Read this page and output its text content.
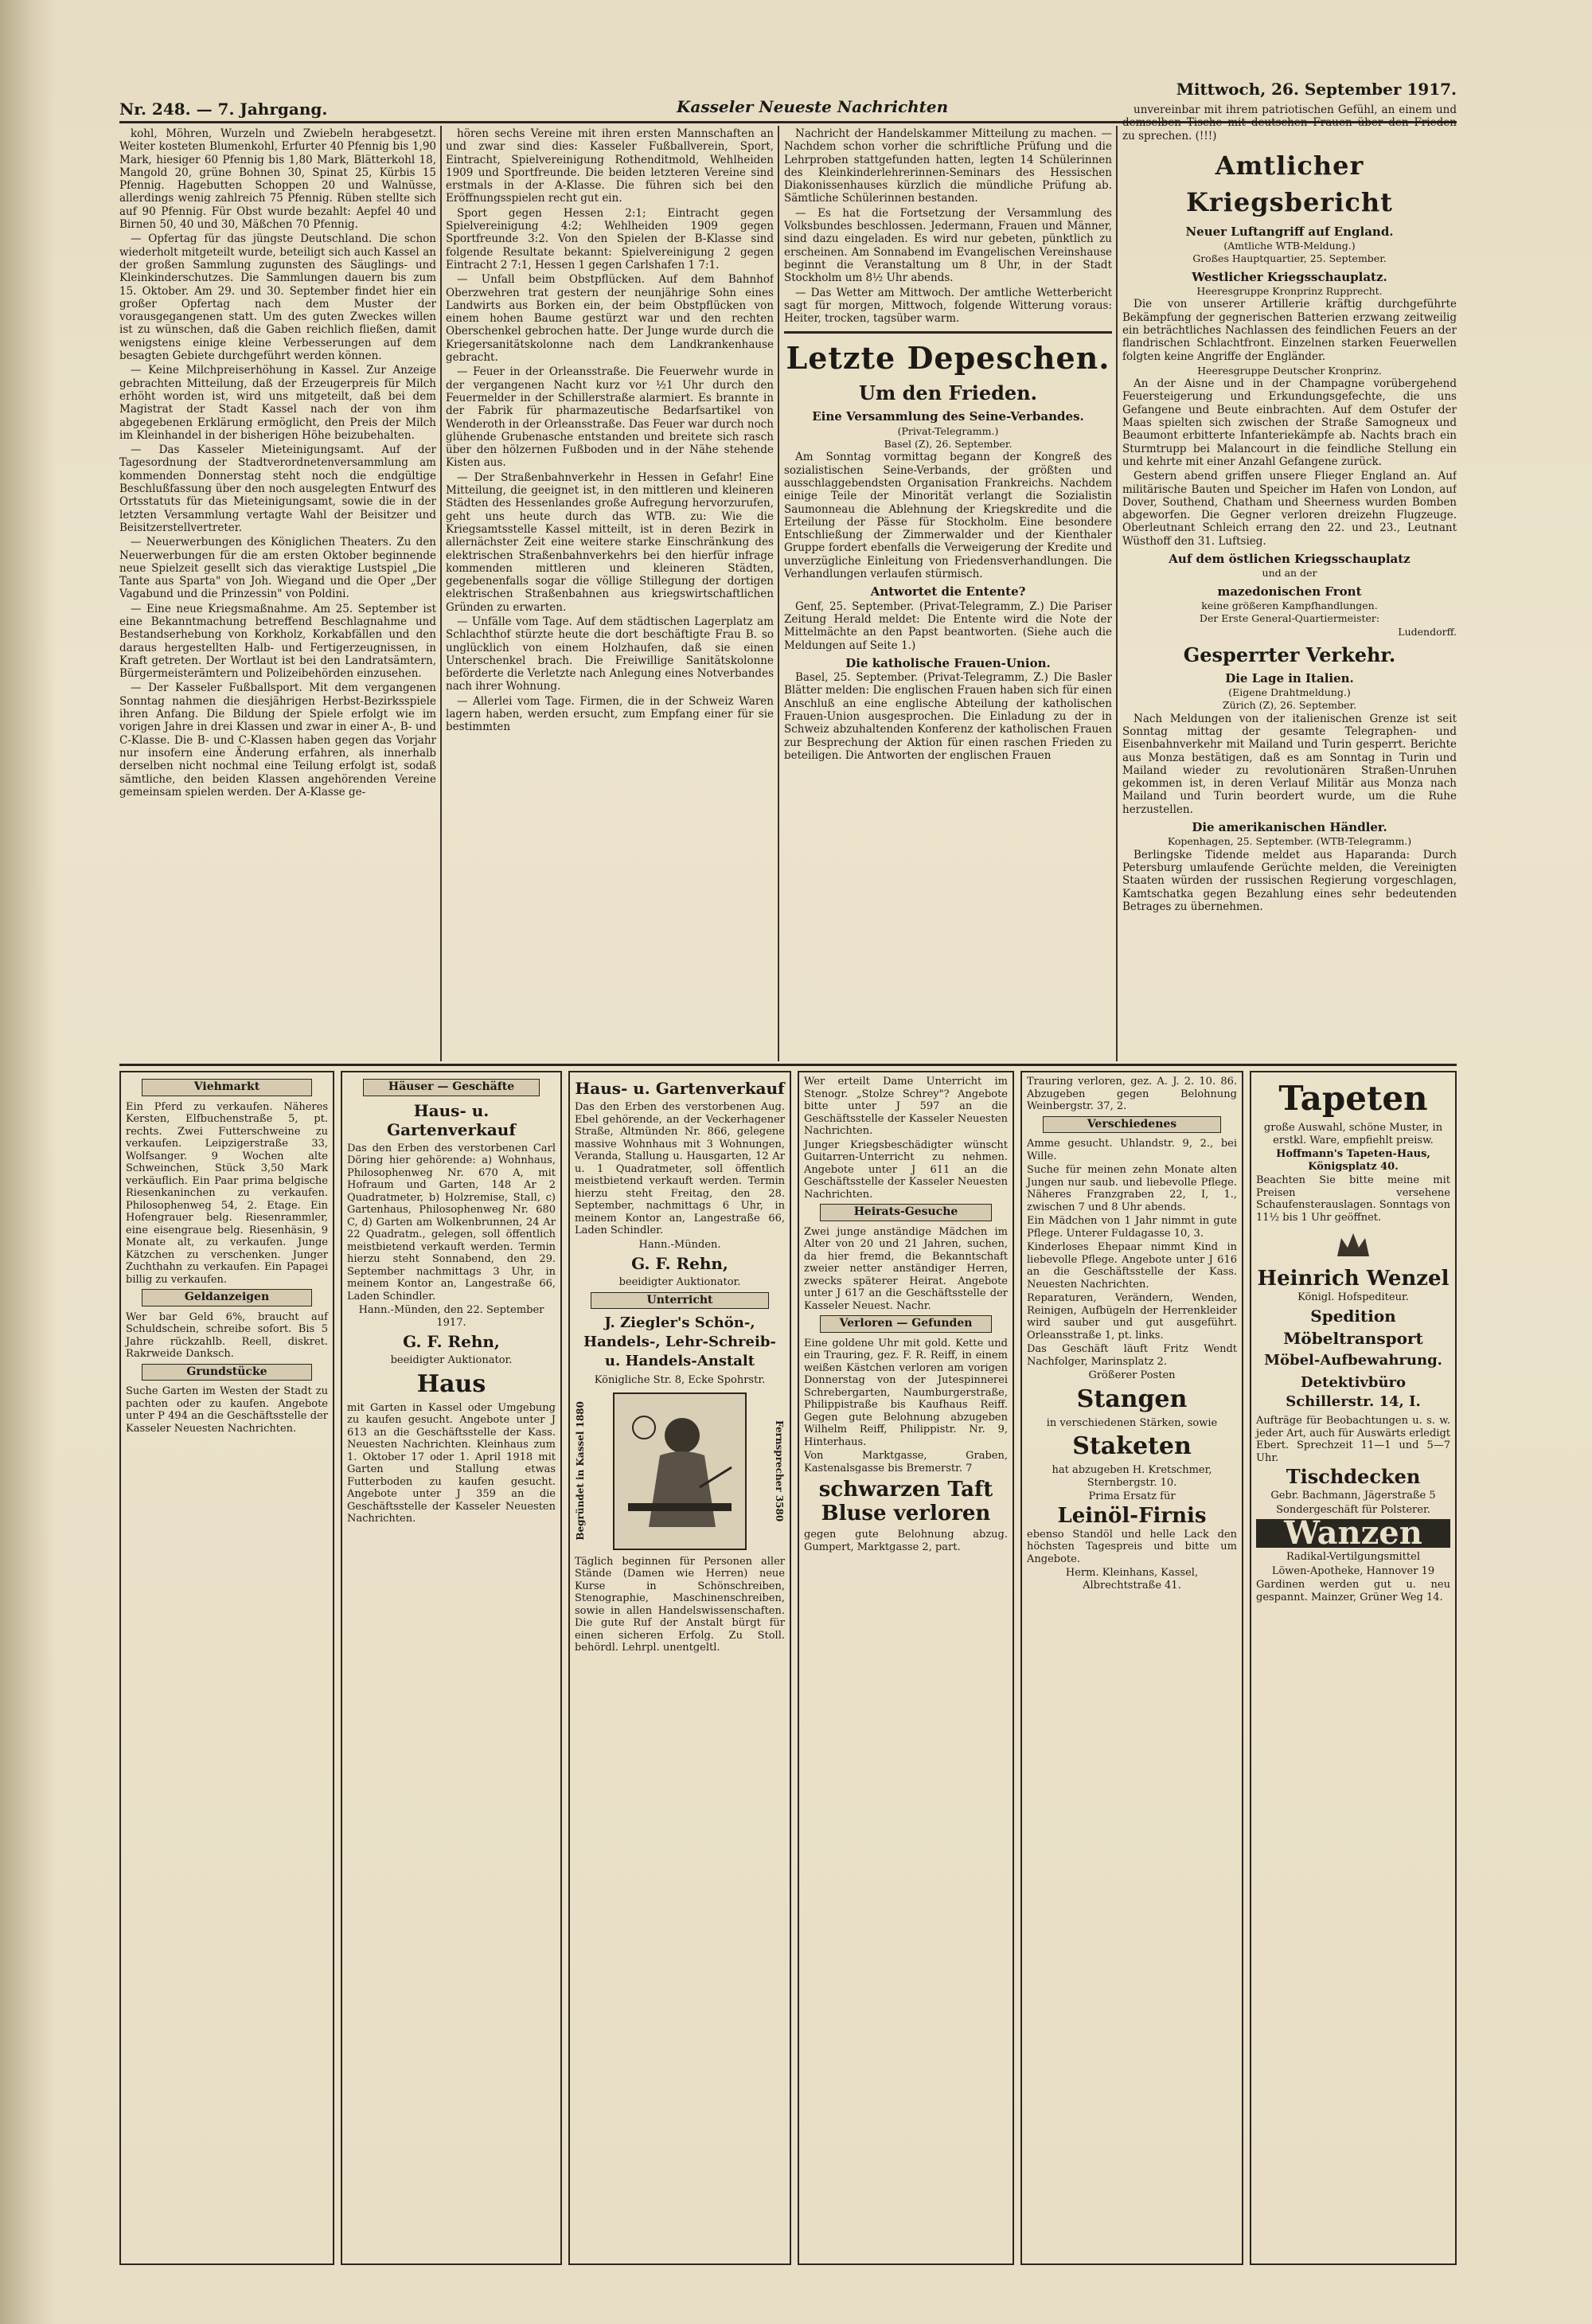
Nr. 248. — 7. Jahrgang.	Kasseler Neueste Nachrichten
Mittwoch, 26. September 1917.

kohl, Möhren, Wurzeln und Zwiebeln herabgesetzt. Weiter kosteten Blumenkohl, Erfurter 40 Pfennig bis 1,90 Mark, hiesiger 60 Pfennig bis 1,80 Mark, Blätterkohl 18, Mangold 20, grüne Bohnen 30, Spinat 25, Kürbis 15 Pfennig. Hagebutten Schoppen 20 und Walnüsse, allerdings wenig zahlreich 75 Pfennig. Rüben stellte sich auf 90 Pfennig. Für Obst wurde bezahlt: Aepfel 40 und Birnen 50, 40 und 30, Mäßchen 70 Pfennig.

— Opfertag für das jüngste Deutschland. Die schon wiederholt mitgeteilt wurde, beteiligt sich auch Kassel an der großen Sammlung zugunsten des Säuglings- und Kleinkinderschutzes. Die Sammlungen dauern bis zum 15. Oktober. Am 29. und 30. September findet hier ein großer Opfertag nach dem Muster der vorausgegangenen statt. Um des guten Zweckes willen ist zu wünschen, daß die Gaben reichlich fließen, damit wenigstens einige kleine Verbesserungen auf dem besagten Gebiete durchgeführt werden können.

— Keine Milchpreiserhöhung in Kassel. Zur Anzeige gebrachten Mitteilung, daß der Erzeugerpreis für Milch erhöht worden ist, wird uns mitgeteilt, daß bei dem Magistrat der Stadt Kassel nach der von ihm abgegebenen Erklärung ermöglicht, den Preis der Milch im Kleinhandel in der bisherigen Höhe beizubehalten.

— Das Kasseler Mieteinigungsamt. Auf der Tagesordnung der Stadtverordnetenversammlung am kommenden Donnerstag steht noch die endgültige Beschlußfassung über den noch ausgelegten Entwurf des Ortsstatuts für das Mieteinigungsamt, sowie die in der letzten Versammlung vertagte Wahl der Beisitzer und Beisitzerstellvertreter.

— Neuerwerbungen des Königlichen Theaters. Zu den Neuerwerbungen für die am ersten Oktober beginnende neue Spielzeit gesellt sich das vieraktige Lustspiel „Die Tante aus Sparta" von Joh. Wiegand und die Oper „Der Vagabund und die Prinzessin" von Poldini.

— Eine neue Kriegsmaßnahme. Am 25. September ist eine Bekanntmachung betreffend Beschlagnahme und Bestandserhebung von Korkholz, Korkabfällen und den daraus hergestellten Halb- und Fertigerzeugnissen, in Kraft getreten. Der Wortlaut ist bei den Landratsämtern, Bürgermeisterämtern und Polizeibehörden einzusehen.

— Der Kasseler Fußballsport. Mit dem vergangenen Sonntag nahmen die diesjährigen Herbst-Bezirksspiele ihren Anfang. Die Bildung der Spiele erfolgt wie im vorigen Jahre in drei Klassen und zwar in einer A-, B- und C-Klasse. Die B- und C-Klassen haben gegen das Vorjahr nur insofern eine Änderung erfahren, als innerhalb derselben nicht nochmal eine Teilung erfolgt ist, sodaß sämtliche, den beiden Klassen angehörenden Vereine gemeinsam spielen werden. Der A-Klasse ge-

hören sechs Vereine mit ihren ersten Mannschaften an und zwar sind dies: Kasseler Fußballverein, Sport, Eintracht, Spielvereinigung Rothenditmold, Wehlheiden 1909 und Sportfreunde. Die beiden letzteren Vereine sind erstmals in der A-Klasse. Die führen sich bei den Eröffnungsspielen recht gut ein.

Sport gegen Hessen 2:1; Eintracht gegen Spielvereinigung 4:2; Wehlheiden 1909 gegen Sportfreunde 3:2. Von den Spielen der B-Klasse sind folgende Resultate bekannt: Spielvereinigung 2 gegen Eintracht 2 7:1, Hessen 1 gegen Carlshafen 1 7:1.

— Unfall beim Obstpflücken. Auf dem Bahnhof Oberzwehren trat gestern der neunjährige Sohn eines Landwirts aus Borken ein, der beim Obstpflücken von einem hohen Baume gestürzt war und den rechten Oberschenkel gebrochen hatte. Der Junge wurde durch die Kriegersanitätskolonne nach dem Landkrankenhause gebracht.

— Feuer in der Orleansstraße. Die Feuerwehr wurde in der vergangenen Nacht kurz vor ½1 Uhr durch den Feuermelder in der Schillerstraße alarmiert. Es brannte in der Fabrik für pharmazeutische Bedarfsartikel von Wenderoth in der Orleansstraße. Das Feuer war durch noch glühende Grubenasche entstanden und breitete sich rasch über den hölzernen Fußboden und in der Nähe stehende Kisten aus.

— Der Straßenbahnverkehr in Hessen in Gefahr! Eine Mitteilung, die geeignet ist, in den mittleren und kleineren Städten des Hessenlandes große Aufregung hervorzurufen, geht uns heute durch das WTB. zu: Wie die Kriegsamtsstelle Kassel mitteilt, ist in deren Bezirk in allernächster Zeit eine weitere starke Einschränkung des elektrischen Straßenbahnverkehrs bei den hierfür infrage kommenden mittleren und kleineren Städten, gegebenenfalls sogar die völlige Stillegung der dortigen elektrischen Straßenbahnen aus kriegswirtschaftlichen Gründen zu erwarten.

— Unfälle vom Tage. Auf dem städtischen Lagerplatz am Schlachthof stürzte heute die dort beschäftigte Frau B. so unglücklich von einem Holzhaufen, daß sie einen Unterschenkel brach. Die Freiwillige Sanitätskolonne beförderte die Verletzte nach Anlegung eines Notverbandes nach ihrer Wohnung.

— Allerlei vom Tage. Firmen, die in der Schweiz Waren lagern haben, werden ersucht, zum Empfang einer für sie bestimmten

Nachricht der Handelskammer Mitteilung zu machen. — Nachdem schon vorher die schriftliche Prüfung und die Lehrproben stattgefunden hatten, legten 14 Schülerinnen des Kleinkinderlehrerinnen-Seminars des Hessischen Diakonissenhauses kürzlich die mündliche Prüfung ab. Sämtliche Schülerinnen bestanden.

— Es hat die Fortsetzung der Versammlung des Volksbundes beschlossen. Jedermann, Frauen und Männer, sind dazu eingeladen. Es wird nur gebeten, pünktlich zu erscheinen. Am Sonnabend im Evangelischen Vereinshause beginnt die Veranstaltung um 8 Uhr, in der Stadt Stockholm um 8½ Uhr abends.

— Das Wetter am Mittwoch. Der amtliche Wetterbericht sagt für morgen, Mittwoch, folgende Witterung voraus: Heiter, trocken, tagsüber warm.

Letzte Depeschen.
Um den Frieden.
Eine Versammlung des Seine-Verbandes.
(Privat-Telegramm.)
Basel (Z), 26. September.

Am Sonntag vormittag begann der Kongreß des sozialistischen Seine-Verbands, der größten und ausschlaggebendsten Organisation Frankreichs. Nachdem einige Teile der Minorität verlangt die Sozialistin Saumonneau die Ablehnung der Kriegskredite und die Erteilung der Pässe für Stockholm. Eine besondere Entschließung der Zimmerwalder und der Kienthaler Gruppe fordert ebenfalls die Verweigerung der Kredite und unverzügliche Einleitung von Friedensverhandlungen. Die Verhandlungen verlaufen stürmisch.

Antwortet die Entente?

Genf, 25. September. (Privat-Telegramm, Z.) Die Pariser Zeitung Herald meldet: Die Entente wird die Note der Mittelmächte an den Papst beantworten. (Siehe auch die Meldungen auf Seite 1.)

Die katholische Frauen-Union.

Basel, 25. September. (Privat-Telegramm, Z.) Die Basler Blätter melden: Die englischen Frauen haben sich für einen Anschluß an eine englische Abteilung der katholischen Frauen-Union ausgesprochen. Die Einladung zu der in Schweiz abzuhaltenden Konferenz der katholischen Frauen zur Besprechung der Aktion für einen raschen Frieden zu beteiligen. Die Antworten der englischen Frauen

unvereinbar mit ihrem patriotischen Gefühl, an einem und demselben Tische mit deutschen Frauen über den Frieden zu sprechen. (!!!)

Amtlicher Kriegsbericht
Neuer Luftangriff auf England.
(Amtliche WTB-Meldung.)
Großes Hauptquartier, 25. September.
Westlicher Kriegsschauplatz.
Heeresgruppe Kronprinz Rupprecht.

Die von unserer Artillerie kräftig durchgeführte Bekämpfung der gegnerischen Batterien erzwang zeitweilig ein beträchtliches Nachlassen des feindlichen Feuers an der flandrischen Schlachtfront. Einzelnen starken Feuerwellen folgten keine Angriffe der Engländer.

Heeresgruppe Deutscher Kronprinz.

An der Aisne und in der Champagne vorübergehend Feuersteigerung und Erkundungsgefechte, die uns Gefangene und Beute einbrachten. Auf dem Ostufer der Maas spielten sich zwischen der Straße Samogneux und Beaumont erbitterte Infanteriekämpfe ab. Nachts brach ein Sturmtrupp bei Malancourt in die feindliche Stellung ein und kehrte mit einer Anzahl Gefangene zurück.

Gestern abend griffen unsere Flieger England an. Auf militärische Bauten und Speicher im Hafen von London, auf Dover, Southend, Chatham und Sheerness wurden Bomben abgeworfen. Die Gegner verloren dreizehn Flugzeuge. Oberleutnant Schleich errang den 22. und 23., Leutnant Wüsthoff den 31. Luftsieg.

Auf dem östlichen Kriegsschauplatz
und an der
mazedonischen Front
keine größeren Kampfhandlungen.
Der Erste General-Quartiermeister:
Ludendorff.
Gesperrter Verkehr.
Die Lage in Italien.
(Eigene Drahtmeldung.)
Zürich (Z), 26. September.

Nach Meldungen von der italienischen Grenze ist seit Sonntag mittag der gesamte Telegraphen- und Eisenbahnverkehr mit Mailand und Turin gesperrt. Berichte aus Monza bestätigen, daß es am Sonntag in Turin und Mailand wieder zu revolutionären Straßen-Unruhen gekommen ist, in deren Verlauf Militär aus Monza nach Mailand und Turin beordert wurde, um die Ruhe herzustellen.

Die amerikanischen Händler.
Kopenhagen, 25. September. (WTB-Telegramm.)

Berlingske Tidende meldet aus Haparanda: Durch Petersburg umlaufende Gerüchte melden, die Vereinigten Staaten würden der russischen Regierung vorgeschlagen, Kamtschatka gegen Bezahlung eines sehr bedeutenden Betrages zu übernehmen.

Viehmarkt

Ein Pferd zu verkaufen. Näheres Kersten, Elfbuchenstraße 5, pt. rechts. Zwei Futterschweine zu verkaufen. Leipzigerstraße 33, Wolfsanger. 9 Wochen alte Schweinchen, Stück 3,50 Mark verkäuflich. Ein Paar prima belgische Riesenkaninchen zu verkaufen. Philosophenweg 54, 2. Etage. Ein Hofengrauer belg. Riesenrammler, eine eisengraue belg. Riesenhäsin, 9 Monate alt, zu verkaufen. Junge Kätzchen zu verschenken. Junger Zuchthahn zu verkaufen. Ein Papagei billig zu verkaufen.

Geldanzeigen

Wer bar Geld 6%, braucht auf Schuldschein, schreibe sofort. Bis 5 Jahre rückzahlb. Reell, diskret. Rakrweide Danksch.

Grundstücke

Suche Garten im Westen der Stadt zu pachten oder zu kaufen. Angebote unter P 494 an die Geschäftsstelle der Kasseler Neuesten Nachrichten.

Häuser — Geschäfte
Haus- u. Gartenverkauf

Das den Erben des verstorbenen Carl Döring hier gehörende: a) Wohnhaus, Philosophenweg Nr. 670 A, mit Hofraum und Garten, 148 Ar 2 Quadratmeter, b) Holzremise, Stall, c) Gartenhaus, Philosophenweg Nr. 680 C, d) Garten am Wolkenbrunnen, 24 Ar 22 Quadratm., gelegen, soll öffentlich meistbietend verkauft werden. Termin hierzu steht Sonnabend, den 29. September nachmittags 3 Uhr, in meinem Kontor an, Langestraße 66, Laden Schindler.

Hann.-Münden, den 22. September 1917.

G. F. Rehn,

beeidigter Auktionator.

Haus

mit Garten in Kassel oder Umgebung zu kaufen gesucht. Angebote unter J 613 an die Geschäftsstelle der Kass. Neuesten Nachrichten. Kleinhaus zum 1. Oktober 17 oder 1. April 1918 mit Garten und Stallung etwas Futterboden zu kaufen gesucht. Angebote unter J 359 an die Geschäftsstelle der Kasseler Neuesten Nachrichten.

Haus- u. Gartenverkauf

Das den Erben des verstorbenen Aug. Ebel gehörende, an der Veckerhagener Straße, Altmünden Nr. 866, gelegene massive Wohnhaus mit 3 Wohnungen, Veranda, Stallung u. Hausgarten, 12 Ar u. 1 Quadratmeter, soll öffentlich meistbietend verkauft werden. Termin hierzu steht Freitag, den 28. September, nachmittags 6 Uhr, in meinem Kontor an, Langestraße 66, Laden Schindler.

Hann.-Münden.

G. F. Rehn,

beeidigter Auktionator.

Unterricht
J. Ziegler's Schön-, Handels-, Lehr-Schreib- u. Handels-Anstalt

Königliche Str. 8, Ecke Spohrstr.

Begründet in Kassel 1880	Fernsprecher 3580

Täglich beginnen für Personen aller Stände (Damen wie Herren) neue Kurse in Schönschreiben, Stenographie, Maschinenschreiben, sowie in allen Handelswissenschaften. Die gute Ruf der Anstalt bürgt für einen sicheren Erfolg. Zu Stoll. behördl. Lehrpl. unentgeltl.

Wer erteilt Dame Unterricht im Stenogr. „Stolze Schrey"? Angebote bitte unter J 597 an die Geschäftsstelle der Kasseler Neuesten Nachrichten.

Junger Kriegsbeschädigter wünscht Guitarren-Unterricht zu nehmen. Angebote unter J 611 an die Geschäftsstelle der Kasseler Neuesten Nachrichten.

Heirats-Gesuche

Zwei junge anständige Mädchen im Alter von 20 und 21 Jahren, suchen, da hier fremd, die Bekanntschaft zweier netter anständiger Herren, zwecks späterer Heirat. Angebote unter J 617 an die Geschäftsstelle der Kasseler Neuest. Nachr.

Verloren — Gefunden

Eine goldene Uhr mit gold. Kette und ein Trauring, gez. F. R. Reiff, in einem weißen Kästchen verloren am vorigen Donnerstag von der Jutespinnerei Schrebergarten, Naumburgerstraße, Philippistraße bis Kaufhaus Reiff. Gegen gute Belohnung abzugeben Wilhelm Reiff, Philippistr. Nr. 9, Hinterhaus.

Von Marktgasse, Graben, Kastenalsgasse bis Bremerstr. 7

schwarzen Taft Bluse verloren

gegen gute Belohnung abzug. Gumpert, Marktgasse 2, part.

Trauring verloren, gez. A. J. 2. 10. 86. Abzugeben gegen Belohnung Weinbergstr. 37, 2.

Verschiedenes

Amme gesucht. Uhlandstr. 9, 2., bei Wille.

Suche für meinen zehn Monate alten Jungen nur saub. und liebevolle Pflege. Näheres Franzgraben 22, I, 1., zwischen 7 und 8 Uhr abends.

Ein Mädchen von 1 Jahr nimmt in gute Pflege. Unterer Fuldagasse 10, 3.

Kinderloses Ehepaar nimmt Kind in liebevolle Pflege. Angebote unter J 616 an die Geschäftsstelle der Kass. Neuesten Nachrichten.

Reparaturen, Verändern, Wenden, Reinigen, Aufbügeln der Herrenkleider wird sauber und gut ausgeführt. Orleansstraße 1, pt. links.

Das Geschäft läuft Fritz Wendt Nachfolger, Marinsplatz 2.

Größerer Posten

Stangen

in verschiedenen Stärken, sowie

Staketen

hat abzugeben H. Kretschmer, Sternbergstr. 10.

Prima Ersatz für

Leinöl-Firnis

ebenso Standöl und helle Lack den höchsten Tagespreis und bitte um Angebote.

Herm. Kleinhans, Kassel, Albrechtstraße 41.

Tapeten

große Auswahl, schöne Muster, in erstkl. Ware, empfiehlt preisw.

Hoffmann's Tapeten-Haus, Königsplatz 40.

Beachten Sie bitte meine mit Preisen versehene Schaufensterauslagen. Sonntags von 11½ bis 1 Uhr geöffnet.

Heinrich Wenzel

Königl. Hofspediteur.

Spedition
Möbeltransport
Möbel-Aufbewahrung.
Detektivbüro Schillerstr. 14, I.

Aufträge für Beobachtungen u. s. w. jeder Art, auch für Auswärts erledigt Ebert. Sprechzeit 11—1 und 5—7 Uhr.

Tischdecken

Gebr. Bachmann, Jägerstraße 5

Sondergeschäft für Polsterer.

Wanzen

Radikal-Vertilgungsmittel

Löwen-Apotheke, Hannover 19

Gardinen werden gut u. neu gespannt. Mainzer, Grüner Weg 14.
